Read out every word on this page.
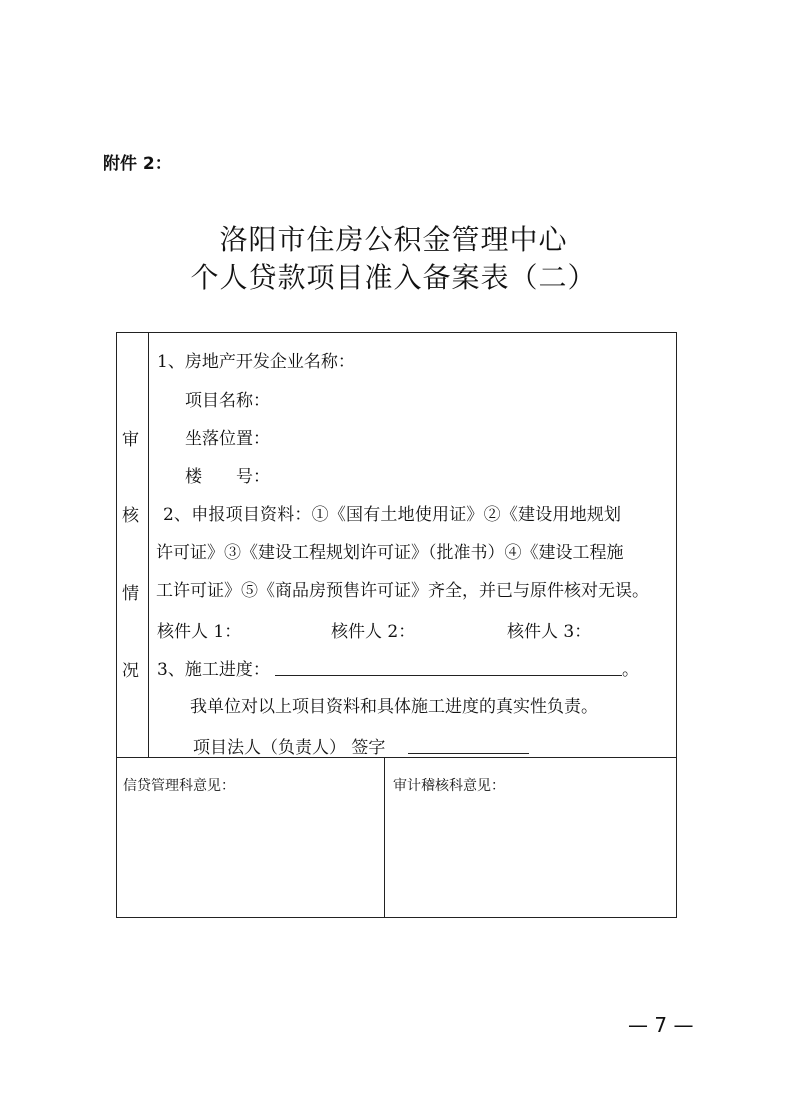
附件 2：
洛阳市住房公积金管理中心
个人贷款项目准入备案表（二）
审
核
情
况
1、房地产开发企业名称：
项目名称：
坐落位置：
楼　　号：
2、申报项目资料：①《国有土地使用证》②《建设用地规划
许可证》③《建设工程规划许可证》（批准书）④《建设工程施
工许可证》⑤《商品房预售许可证》齐全，并已与原件核对无误。
核件人 1：	核件人 2：	核件人 3：
3、施工进度：	。
我单位对以上项目资料和具体施工进度的真实性负责。
项目法人（负责人） 签字
信贷管理科意见：	审计稽核科意见：
— 7 —
